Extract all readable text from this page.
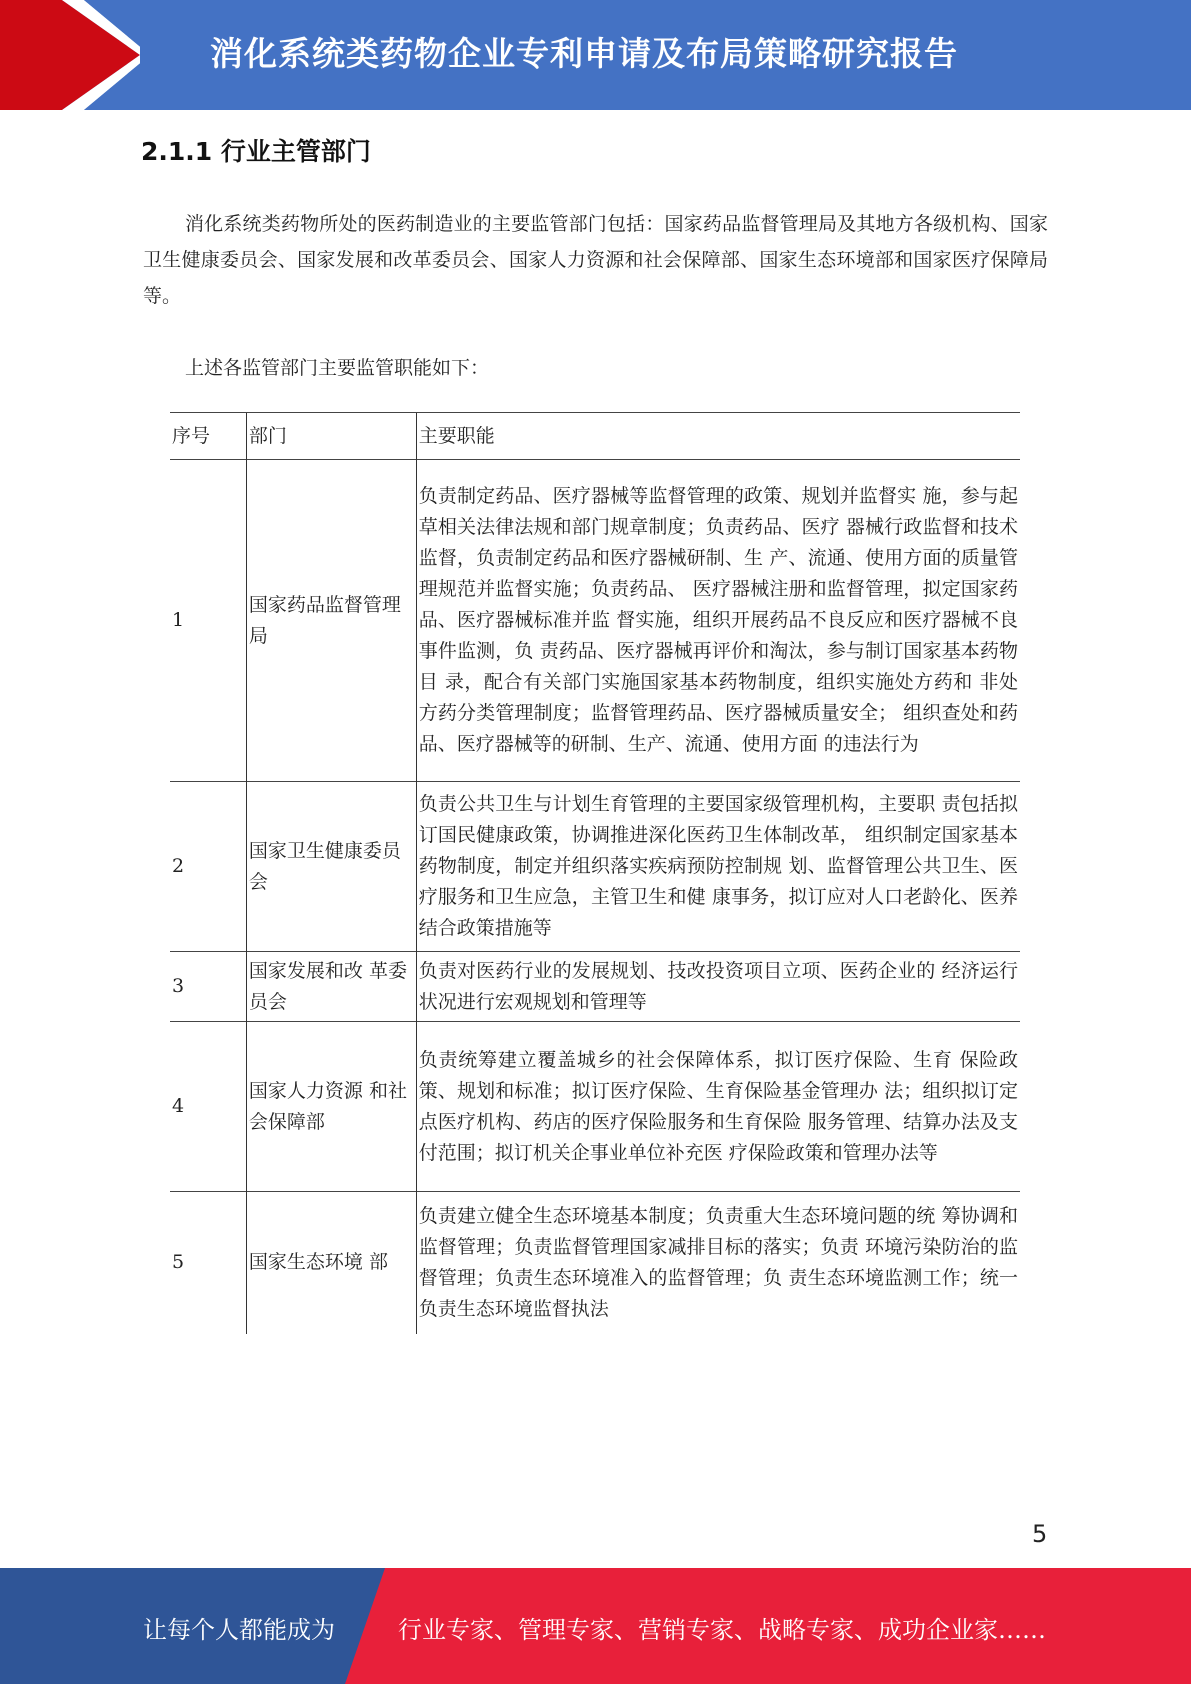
消化系统类药物企业专利申请及布局策略研究报告
2.1.1 行业主管部门
消化系统类药物所处的医药制造业的主要监管部门包括：国家药品监督管理局及其地方各级机构、国家卫生健康委员会、国家发展和改革委员会、国家人力资源和社会保障部、国家生态环境部和国家医疗保障局等。
上述各监管部门主要监管职能如下：
序号	部门	主要职能
1	国家药品监督管理局	负责制定药品、医疗器械等监督管理的政策、规划并监督实 施，参与起草相关法律法规和部门规章制度；负责药品、医疗 器械行政监督和技术监督，负责制定药品和医疗器械研制、生 产、流通、使用方面的质量管理规范并监督实施；负责药品、 医疗器械注册和监督管理，拟定国家药品、医疗器械标准并监 督实施，组织开展药品不良反应和医疗器械不良事件监测，负 责药品、医疗器械再评价和淘汰，参与制订国家基本药物目 录，配合有关部门实施国家基本药物制度，组织实施处方药和 非处方药分类管理制度；监督管理药品、医疗器械质量安全； 组织查处和药品、医疗器械等的研制、生产、流通、使用方面 的违法行为
2	国家卫生健康委员会	负责公共卫生与计划生育管理的主要国家级管理机构，主要职 责包括拟订国民健康政策，协调推进深化医药卫生体制改革， 组织制定国家基本药物制度，制定并组织落实疾病预防控制规 划、监督管理公共卫生、医疗服务和卫生应急，主管卫生和健 康事务，拟订应对人口老龄化、医养结合政策措施等
3	国家发展和改 革委员会	负责对医药行业的发展规划、技改投资项目立项、医药企业的 经济运行状况进行宏观规划和管理等
4	国家人力资源 和社会保障部	负责统筹建立覆盖城乡的社会保障体系，拟订医疗保险、生育 保险政策、规划和标准；拟订医疗保险、生育保险基金管理办 法；组织拟订定点医疗机构、药店的医疗保险服务和生育保险 服务管理、结算办法及支付范围；拟订机关企事业单位补充医 疗保险政策和管理办法等
5	国家生态环境 部	负责建立健全生态环境基本制度；负责重大生态环境问题的统 筹协调和监督管理；负责监督管理国家减排目标的落实；负责 环境污染防治的监督管理；负责生态环境准入的监督管理；负 责生态环境监测工作；统一负责生态环境监督执法
5
让每个人都能成为	行业专家、管理专家、营销专家、战略专家、成功企业家……
